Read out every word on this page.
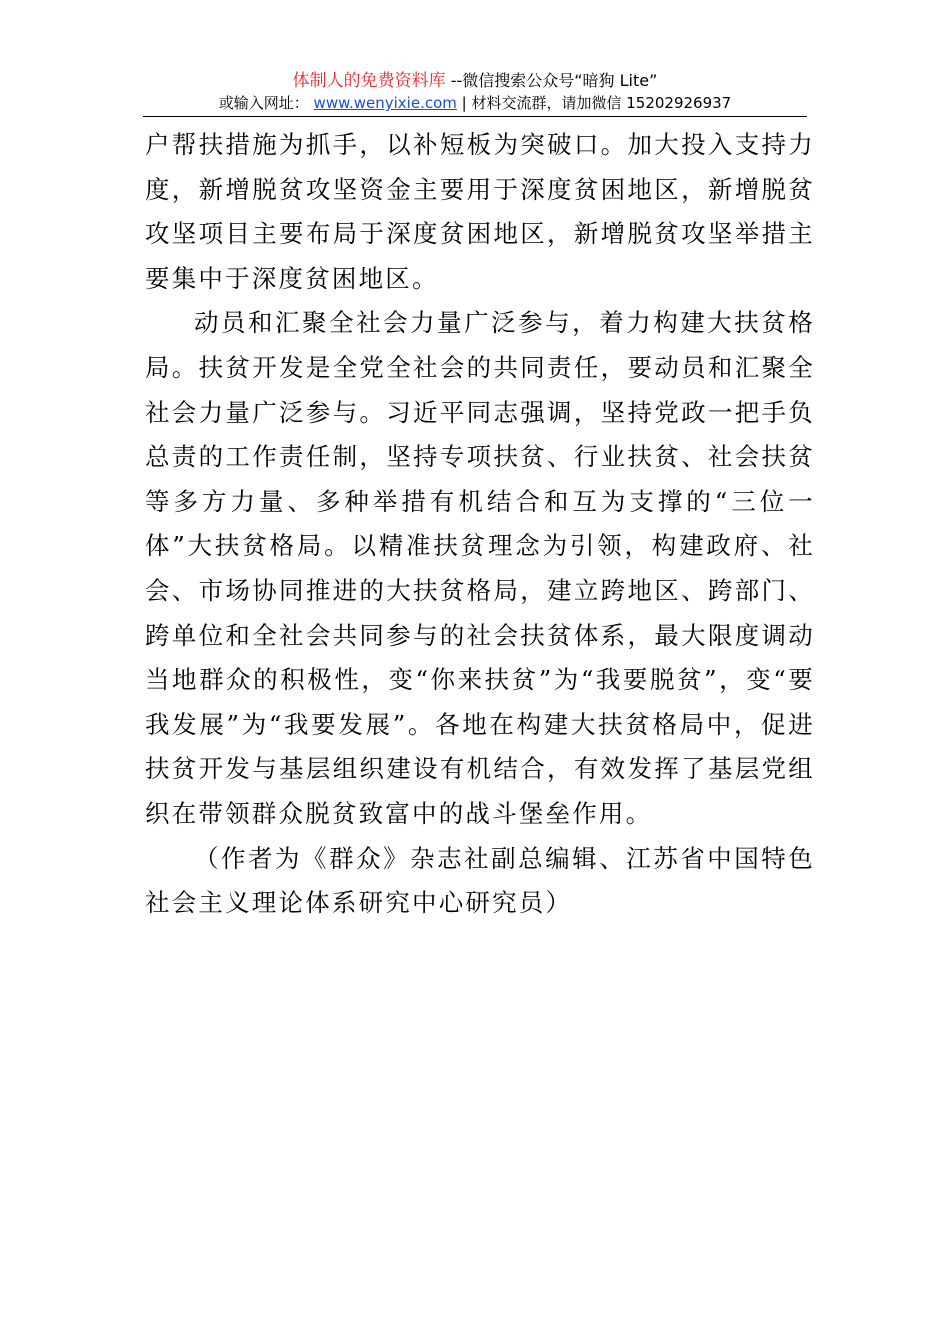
体制人的免费资料库 --微信搜索公众号“暗狗 Lite”
或输入网址： www.wenyixie.com | 材料交流群，请加微信 15202926937

户帮扶措施为抓手，以补短板为突破口。加大投入支持力度，新增脱贫攻坚资金主要用于深度贫困地区，新增脱贫攻坚项目主要布局于深度贫困地区，新增脱贫攻坚举措主要集中于深度贫困地区。

动员和汇聚全社会力量广泛参与，着力构建大扶贫格局。扶贫开发是全党全社会的共同责任，要动员和汇聚全社会力量广泛参与。习近平同志强调，坚持党政一把手负总责的工作责任制，坚持专项扶贫、行业扶贫、社会扶贫等多方力量、多种举措有机结合和互为支撑的“三位一体”大扶贫格局。以精准扶贫理念为引领，构建政府、社会、市场协同推进的大扶贫格局，建立跨地区、跨部门、跨单位和全社会共同参与的社会扶贫体系，最大限度调动当地群众的积极性，变“你来扶贫”为“我要脱贫”，变“要我发展”为“我要发展”。各地在构建大扶贫格局中，促进扶贫开发与基层组织建设有机结合，有效发挥了基层党组织在带领群众脱贫致富中的战斗堡垒作用。

（作者为《群众》杂志社副总编辑、江苏省中国特色社会主义理论体系研究中心研究员）
